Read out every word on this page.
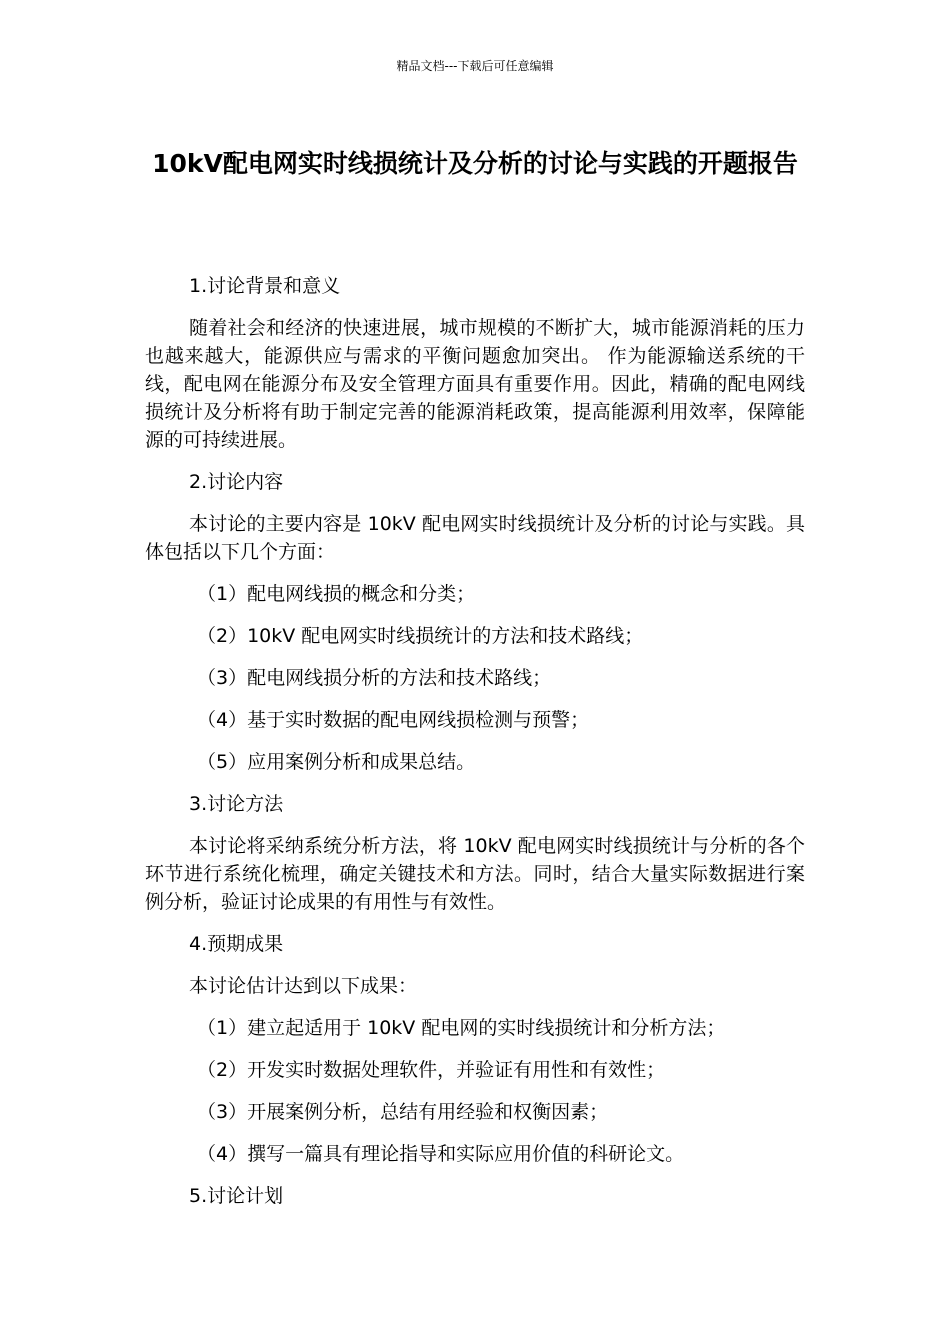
精品文档---下载后可任意编辑
10kV配电网实时线损统计及分析的讨论与实践的开题报告

1.讨论背景和意义

随着社会和经济的快速进展，城市规模的不断扩大，城市能源消耗的压力也越来越大，能源供应与需求的平衡问题愈加突出。 作为能源输送系统的干线，配电网在能源分布及安全管理方面具有重要作用。因此，精确的配电网线损统计及分析将有助于制定完善的能源消耗政策，提高能源利用效率，保障能源的可持续进展。

2.讨论内容

本讨论的主要内容是 10kV 配电网实时线损统计及分析的讨论与实践。具体包括以下几个方面：

（1）配电网线损的概念和分类；

（2）10kV 配电网实时线损统计的方法和技术路线；

（3）配电网线损分析的方法和技术路线；

（4）基于实时数据的配电网线损检测与预警；

（5）应用案例分析和成果总结。

3.讨论方法

本讨论将采纳系统分析方法，将 10kV 配电网实时线损统计与分析的各个环节进行系统化梳理，确定关键技术和方法。同时，结合大量实际数据进行案例分析，验证讨论成果的有用性与有效性。

4.预期成果

本讨论估计达到以下成果：

（1）建立起适用于 10kV 配电网的实时线损统计和分析方法；

（2）开发实时数据处理软件，并验证有用性和有效性；

（3）开展案例分析，总结有用经验和权衡因素；

（4）撰写一篇具有理论指导和实际应用价值的科研论文。

5.讨论计划
